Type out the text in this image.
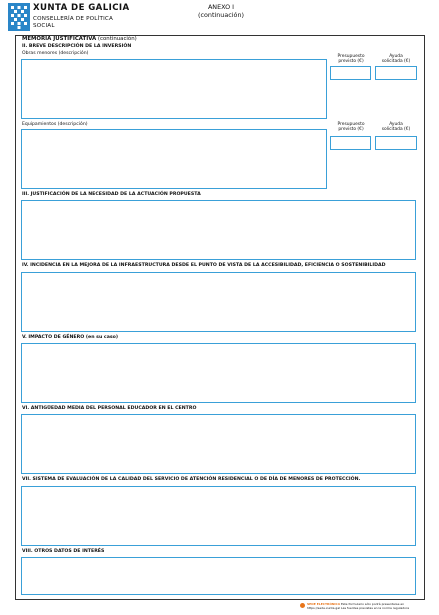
XUNTA DE GALICIA
CONSELLERÍA DE POLÍTICA
SOCIAL
ANEXO I
(continuación)
MEMORIA JUSTIFICATIVA (continuación)
II. BREVE DESCRIPCIÓN DE LA INVERSIÓN
Obras menores (descripción)
Presupuesto
previsto (€)
Ayuda
solicitada (€)
Equipamientos (descripción)	Presupuesto
previsto (€)
Ayuda
solicitada (€)
III. JUSTIFICACIÓN DE LA NECESIDAD DE LA ACTUACIÓN PROPUESTA
IV. INCIDENCIA EN LA MEJORA DE LA INFRAESTRUCTURA DESDE EL PUNTO DE VISTA DE LA ACCESIBILIDAD, EFICIENCIA O SOSTENIBILIDAD
V. IMPACTO DE GÉNERO (en su caso)
VI. ANTIGÜEDAD MEDIA DEL PERSONAL EDUCADOR EN EL CENTRO
VII. SISTEMA DE EVALUACIÓN DE LA CALIDAD DEL SERVICIO DE ATENCIÓN RESIDENCIAL O DE DÍA DE MENORES DE PROTECCIÓN.
VIII. OTROS DATOS DE INTERÉS
SEDE ELECTRÓNICA Este formulario sólo podrá presentarse en
https://sede.xunta.gal Las fuentes previstas en la norma reguladora
